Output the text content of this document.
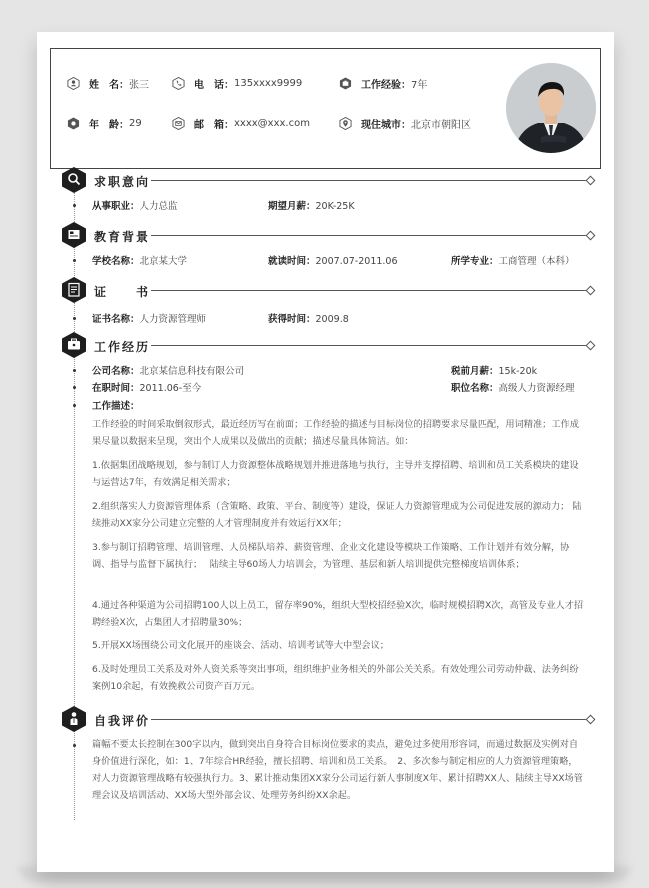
姓　名： 张三	电　话： 135xxxx9999	工作经验： 7年
年　龄： 29	邮　箱： xxxx@xxx.com	现住城市： 北京市朝阳区
求职意向
从事职业：人力总监	期望月薪：20K-25K
教育背景
学校名称：北京某大学	就读时间：2007.07-2011.06	所学专业：工商管理（本科）
证　　书
证书名称：人力资源管理师	获得时间：2009.8
工作经历
公司名称：北京某信息科技有限公司	税前月薪：15k-20k
在职时间：2011.06-至今	职位名称：高级人力资源经理
工作描述：
工作经验的时间采取倒叙形式，最近经历写在前面；工作经验的描述与目标岗位的招聘要求尽量匹配，用词精准；工作成果尽量以数据来呈现，突出个人成果以及做出的贡献；描述尽量具体简洁。如：
1.依据集团战略规划，参与制订人力资源整体战略规划并推进落地与执行，主导并支撑招聘、培训和员工关系模块的建设与运营达7年，有效满足相关需求；
2.组织落实人力资源管理体系（含策略、政策、平台、制度等）建设，保证人力资源管理成为公司促进发展的源动力； 陆续推动XX家分公司建立完整的人才管理制度并有效运行XX年；
3.参与制订招聘管理、培训管理、人员梯队培养、薪资管理、企业文化建设等模块工作策略、工作计划并有效分解，协调、指导与监督下属执行；　 陆续主导60场人力培训会，为管理、基层和新人培训提供完整梯度培训体系；
4.通过各种渠道为公司招聘100人以上员工，留存率90%，组织大型校招经验X次，临时规模招聘X次，高管及专业人才招聘经验X次，占集团人才招聘量30%；
5.开展XX场围绕公司文化展开的座谈会、活动、培训考试等大中型会议；
6.及时处理员工关系及对外人资关系等突出事项，组织维护业务相关的外部公关关系。有效处理公司劳动仲裁、法务纠纷案例10余起，有效挽救公司资产百万元。
自我评价
篇幅不要太长控制在300字以内，做到突出自身符合目标岗位要求的卖点，避免过多使用形容词，而通过数据及实例对自身价值进行深化，如：1、7年综合HR经验，擅长招聘、培训和员工关系。　2、多次参与制定相应的人力资源管理策略，对人力资源管理战略有较强执行力。3、累计推动集团XX家分公司运行新人事制度X年、累计招聘XX人、陆续主导XX场管理会议及培训活动、XX场大型外部会议、处理劳务纠纷XX余起。
